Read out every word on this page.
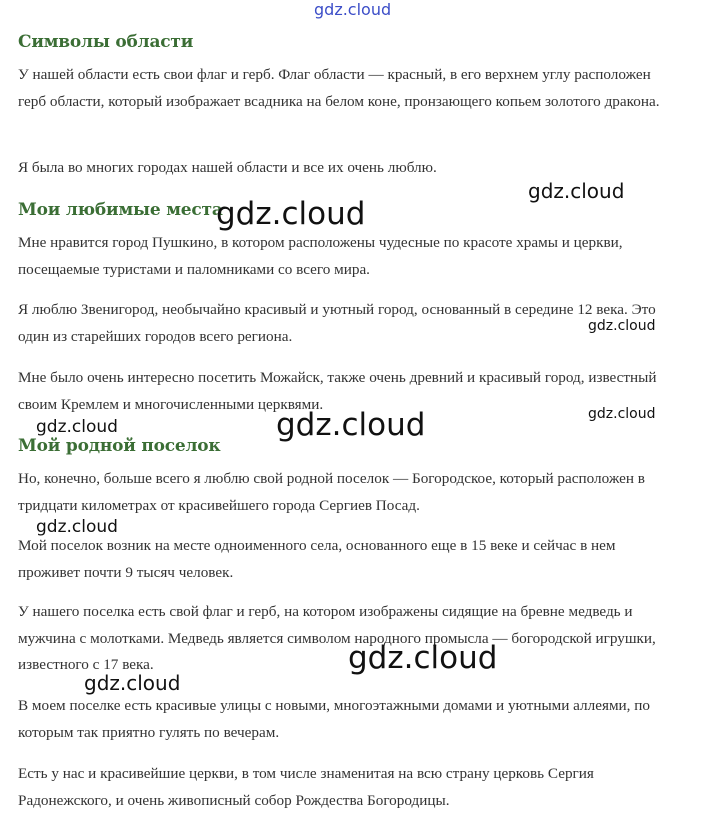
Символы области

У нашей области есть свои флаг и герб. Флаг области — красный, в его верхнем углу расположен герб области, который изображает всадника на белом коне, пронзающего копьем золотого дракона.

Я была во многих городах нашей области и все их очень люблю.

Мои любимые места

Мне нравится город Пушкино, в котором расположены чудесные по красоте храмы и церкви, посещаемые туристами и паломниками со всего мира.

Я люблю Звенигород, необычайно красивый и уютный город, основанный в середине 12 века. Это один из старейших городов всего региона.

Мне было очень интересно посетить Можайск, также очень древний и красивый город, известный своим Кремлем и многочисленными церквями.

Мой родной поселок

Но, конечно, больше всего я люблю свой родной поселок — Богородское, который расположен в тридцати километрах от красивейшего города Сергиев Посад.

Мой поселок возник на месте одноименного села, основанного еще в 15 веке и сейчас в нем проживет почти 9 тысяч человек.

У нашего поселка есть свой флаг и герб, на котором изображены сидящие на бревне медведь и мужчина с молотками. Медведь является символом народного промысла — богородской игрушки, известного с 17 века.

В моем поселке есть красивые улицы с новыми, многоэтажными домами и уютными аллеями, по которым так приятно гулять по вечерам.

Есть у нас и красивейшие церкви, в том числе знаменитая на всю страну церковь Сергия Радонежского, и очень живописный собор Рождества Богородицы.

gdz.cloud
gdz.cloud
gdz.cloud
gdz.cloud
gdz.cloud
gdz.cloud	gdz.cloud
gdz.cloud
gdz.cloud
gdz.cloud
